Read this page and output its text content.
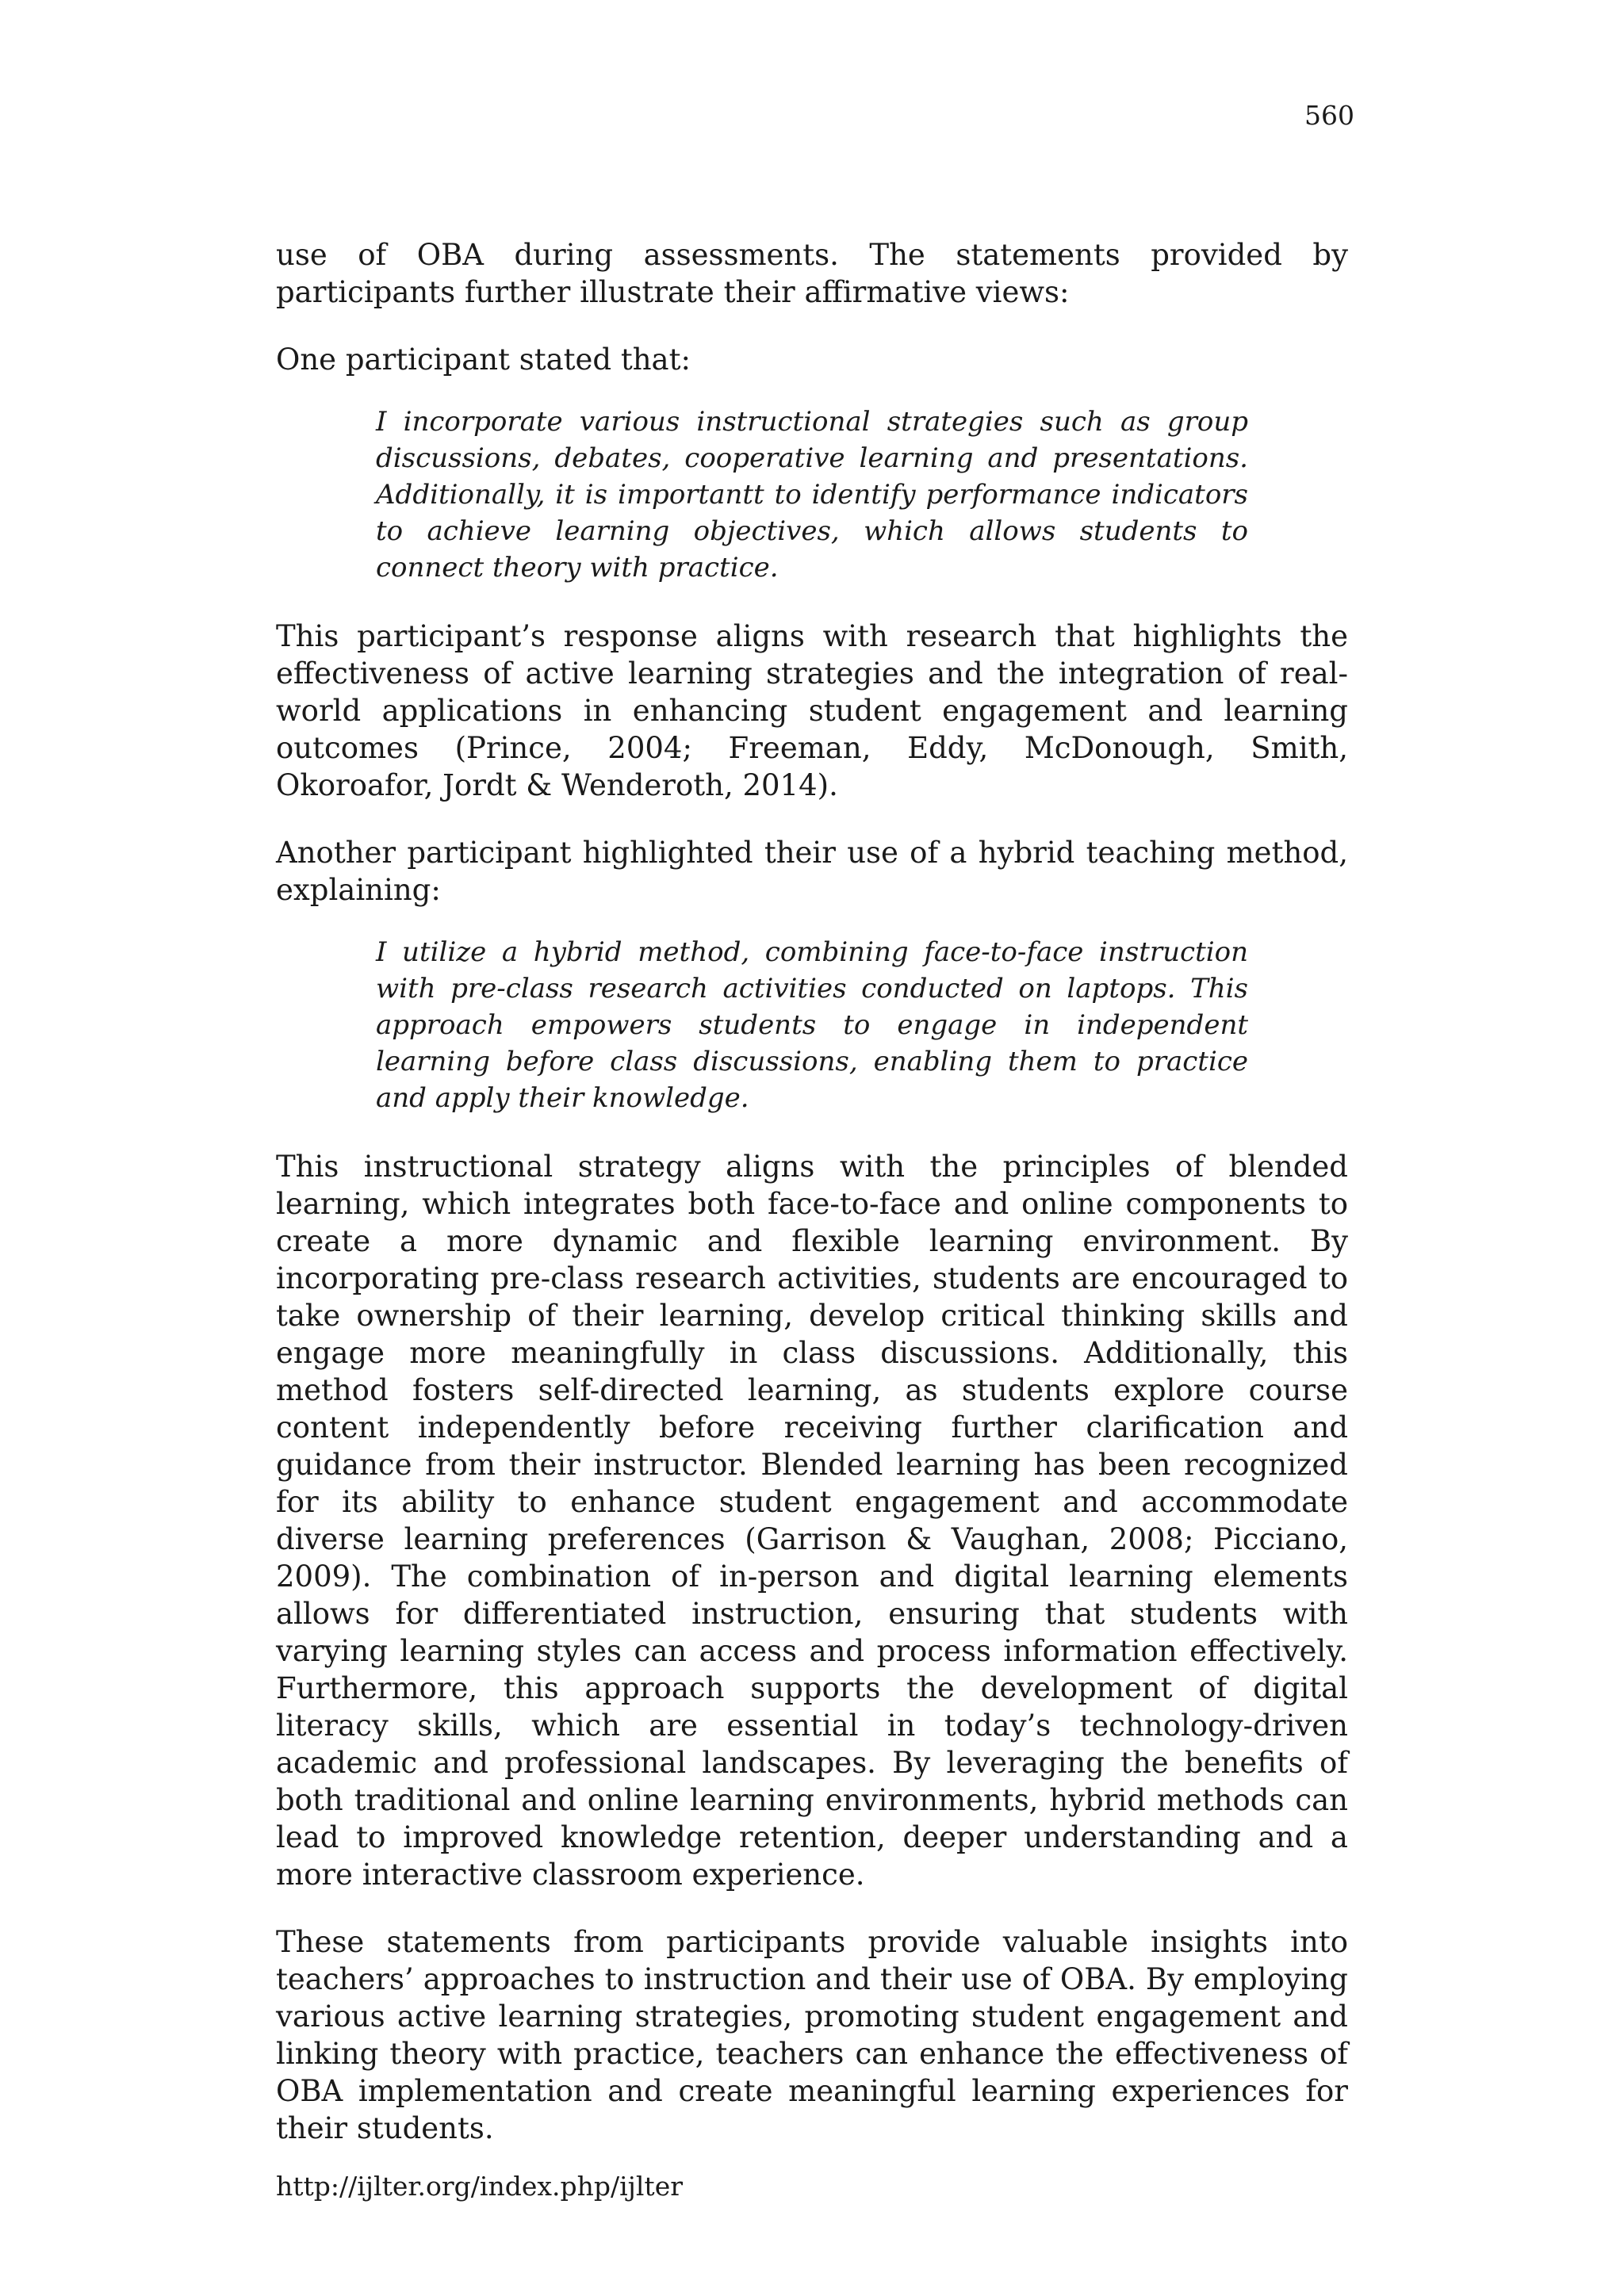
560

use of OBA during assessments. The statements provided by participants further illustrate their affirmative views:

One participant stated that:

I incorporate various instructional strategies such as group discussions, debates, cooperative learning and presentations. Additionally, it is importantt to identify performance indicators to achieve learning objectives, which allows students to connect theory with practice.

This participant’s response aligns with research that highlights the effectiveness of active learning strategies and the integration of real-world applications in enhancing student engagement and learning outcomes (Prince, 2004; Freeman, Eddy, McDonough, Smith, Okoroafor, Jordt & Wenderoth, 2014).

Another participant highlighted their use of a hybrid teaching method, explaining:

I utilize a hybrid method, combining face-to-face instruction with pre-class research activities conducted on laptops. This approach empowers students to engage in independent learning before class discussions, enabling them to practice and apply their knowledge.

This instructional strategy aligns with the principles of blended learning, which integrates both face-to-face and online components to create a more dynamic and flexible learning environment. By incorporating pre-class research activities, students are encouraged to take ownership of their learning, develop critical thinking skills and engage more meaningfully in class discussions. Additionally, this method fosters self-directed learning, as students explore course content independently before receiving further clarification and guidance from their instructor. Blended learning has been recognized for its ability to enhance student engagement and accommodate diverse learning preferences (Garrison & Vaughan, 2008; Picciano, 2009). The combination of in-person and digital learning elements allows for differentiated instruction, ensuring that students with varying learning styles can access and process information effectively. Furthermore, this approach supports the development of digital literacy skills, which are essential in today’s technology-driven academic and professional landscapes. By leveraging the benefits of both traditional and online learning environments, hybrid methods can lead to improved knowledge retention, deeper understanding and a more interactive classroom experience.

These statements from participants provide valuable insights into teachers’ approaches to instruction and their use of OBA. By employing various active learning strategies, promoting student engagement and linking theory with practice, teachers can enhance the effectiveness of OBA implementation and create meaningful learning experiences for their students.

http://ijlter.org/index.php/ijlter
